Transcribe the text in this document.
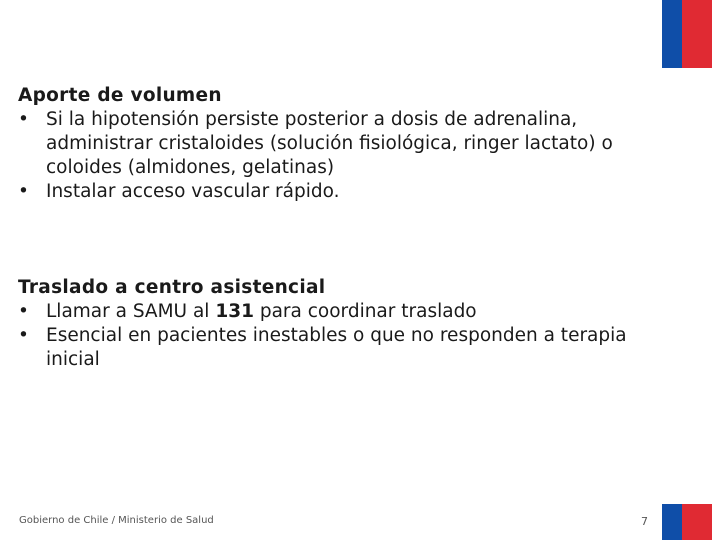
Aporte de volumen
• Si la hipotensión persiste posterior a dosis de adrenalina, administrar cristaloides (solución fisiológica, ringer lactato) o coloides (almidones, gelatinas)
• Instalar acceso vascular rápido.
Traslado a centro asistencial
• Llamar a SAMU al 131 para coordinar traslado
• Esencial en pacientes inestables o que no responden a terapia inicial
Gobierno de Chile / Ministerio de Salud	7
